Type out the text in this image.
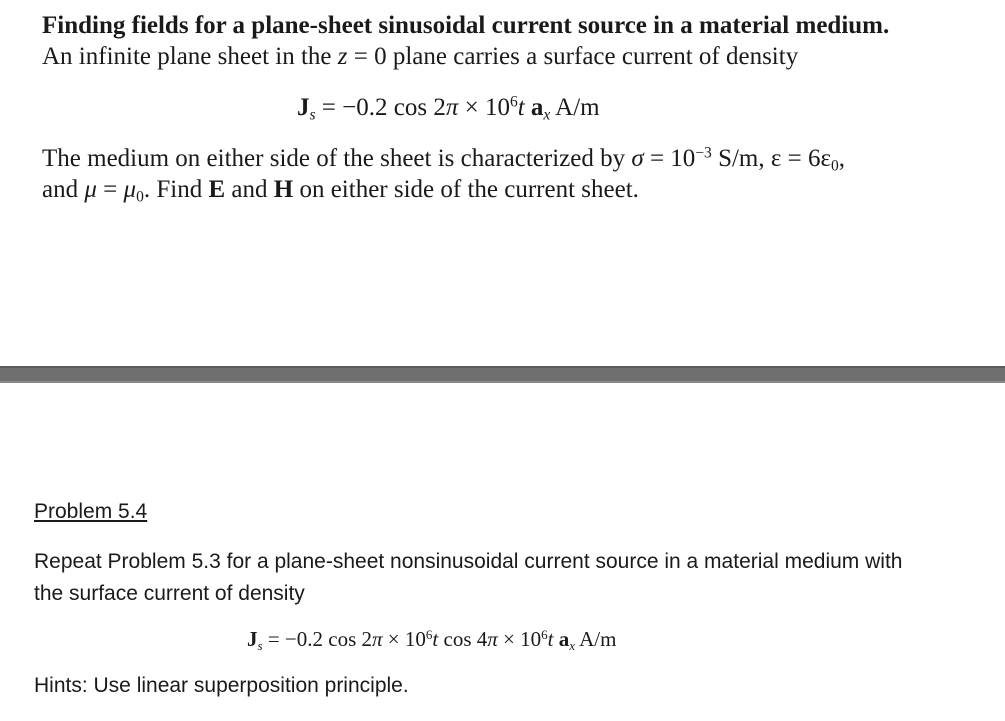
Finding fields for a plane-sheet sinusoidal current source in a material medium.
An infinite plane sheet in the z = 0 plane carries a surface current of density
$J_s = -0.2$ $\cos 2\pi \times 10^6t$ $a_x$ A/m
The medium on either side of the sheet is characterized by $\sigma = 10^{-3}$ S/m, $\varepsilon = 6\varepsilon_0$,
and $\mu = \mu_0$. Find E and H on either side of the current sheet.
Problem 5.4
Repeat Problem 5.3 for a plane-sheet nonsinusoidal current source in a material medium with
the surface current of density
$J_s = -0.2$ $\cos 2\pi \times 10^6t$ $\cos 4\pi \times 10^6t$ $a_x$ A/m
Hints: Use linear superposition principle.
